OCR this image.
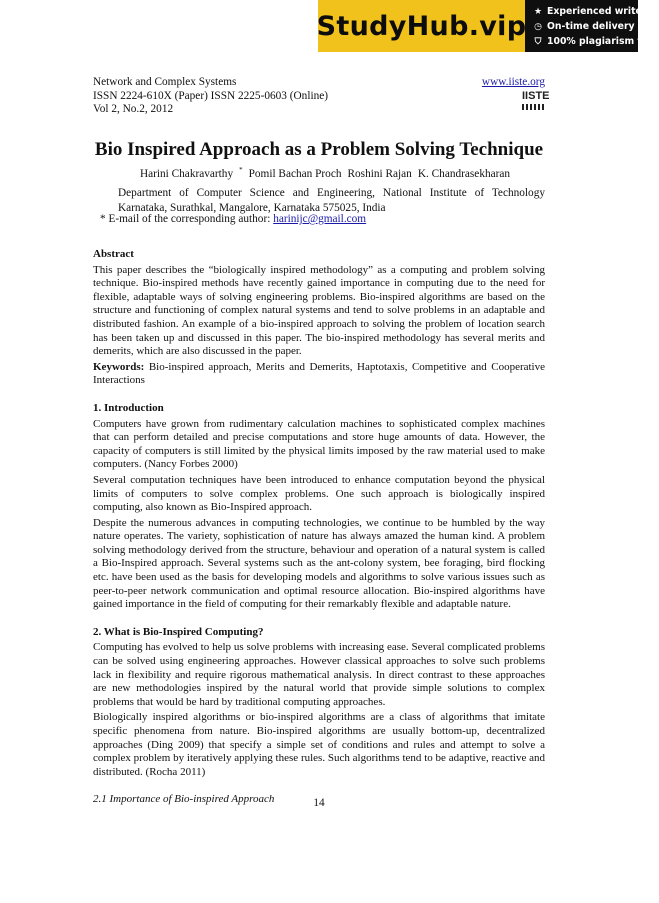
StudyHub.vip ★ Experienced writers
◷ On-time delivery
⛉ 100% plagiarism free
Network and Complex Systems
ISSN 2224-610X (Paper) ISSN 2225-0603 (Online)
Vol 2, No.2, 2012
www.iiste.org
IISTE
Bio Inspired Approach as a Problem Solving Technique
Harini Chakravarthy * Pomil Bachan Proch Roshini Rajan K. Chandrasekharan
Department of Computer Science and Engineering, National Institute of Technology Karnataka, Surathkal, Mangalore, Karnataka 575025, India
* E-mail of the corresponding author: harinijc@gmail.com
Abstract

This paper describes the “biologically inspired methodology” as a computing and problem solving technique. Bio-inspired methods have recently gained importance in computing due to the need for flexible, adaptable ways of solving engineering problems. Bio-inspired algorithms are based on the structure and functioning of complex natural systems and tend to solve problems in an adaptable and distributed fashion. An example of a bio-inspired approach to solving the problem of location search has been taken up and discussed in this paper. The bio-inspired methodology has several merits and demerits, which are also discussed in the paper.

Keywords: Bio-inspired approach, Merits and Demerits, Haptotaxis, Competitive and Cooperative Interactions

1. Introduction

Computers have grown from rudimentary calculation machines to sophisticated complex machines that can perform detailed and precise computations and store huge amounts of data. However, the capacity of computers is still limited by the physical limits imposed by the raw material used to make computers. (Nancy Forbes 2000)

Several computation techniques have been introduced to enhance computation beyond the physical limits of computers to solve complex problems. One such approach is biologically inspired computing, also known as Bio-Inspired approach.

Despite the numerous advances in computing technologies, we continue to be humbled by the way nature operates. The variety, sophistication of nature has always amazed the human kind. A problem solving methodology derived from the structure, behaviour and operation of a natural system is called a Bio-Inspired approach. Several systems such as the ant-colony system, bee foraging, bird flocking etc. have been used as the basis for developing models and algorithms to solve various issues such as peer-to-peer network communication and optimal resource allocation. Bio-inspired algorithms have gained importance in the field of computing for their remarkably flexible and adaptable nature.

2. What is Bio-Inspired Computing?

Computing has evolved to help us solve problems with increasing ease. Several complicated problems can be solved using engineering approaches. However classical approaches to solve such problems lack in flexibility and require rigorous mathematical analysis. In direct contrast to these approaches are new methodologies inspired by the natural world that provide simple solutions to complex problems that would be hard by traditional computing approaches.

Biologically inspired algorithms or bio-inspired algorithms are a class of algorithms that imitate specific phenomena from nature. Bio-inspired algorithms are usually bottom-up, decentralized approaches (Ding 2009) that specify a simple set of conditions and rules and attempt to solve a complex problem by iteratively applying these rules. Such algorithms tend to be adaptive, reactive and distributed. (Rocha 2011)

2.1 Importance of Bio-inspired Approach	14
